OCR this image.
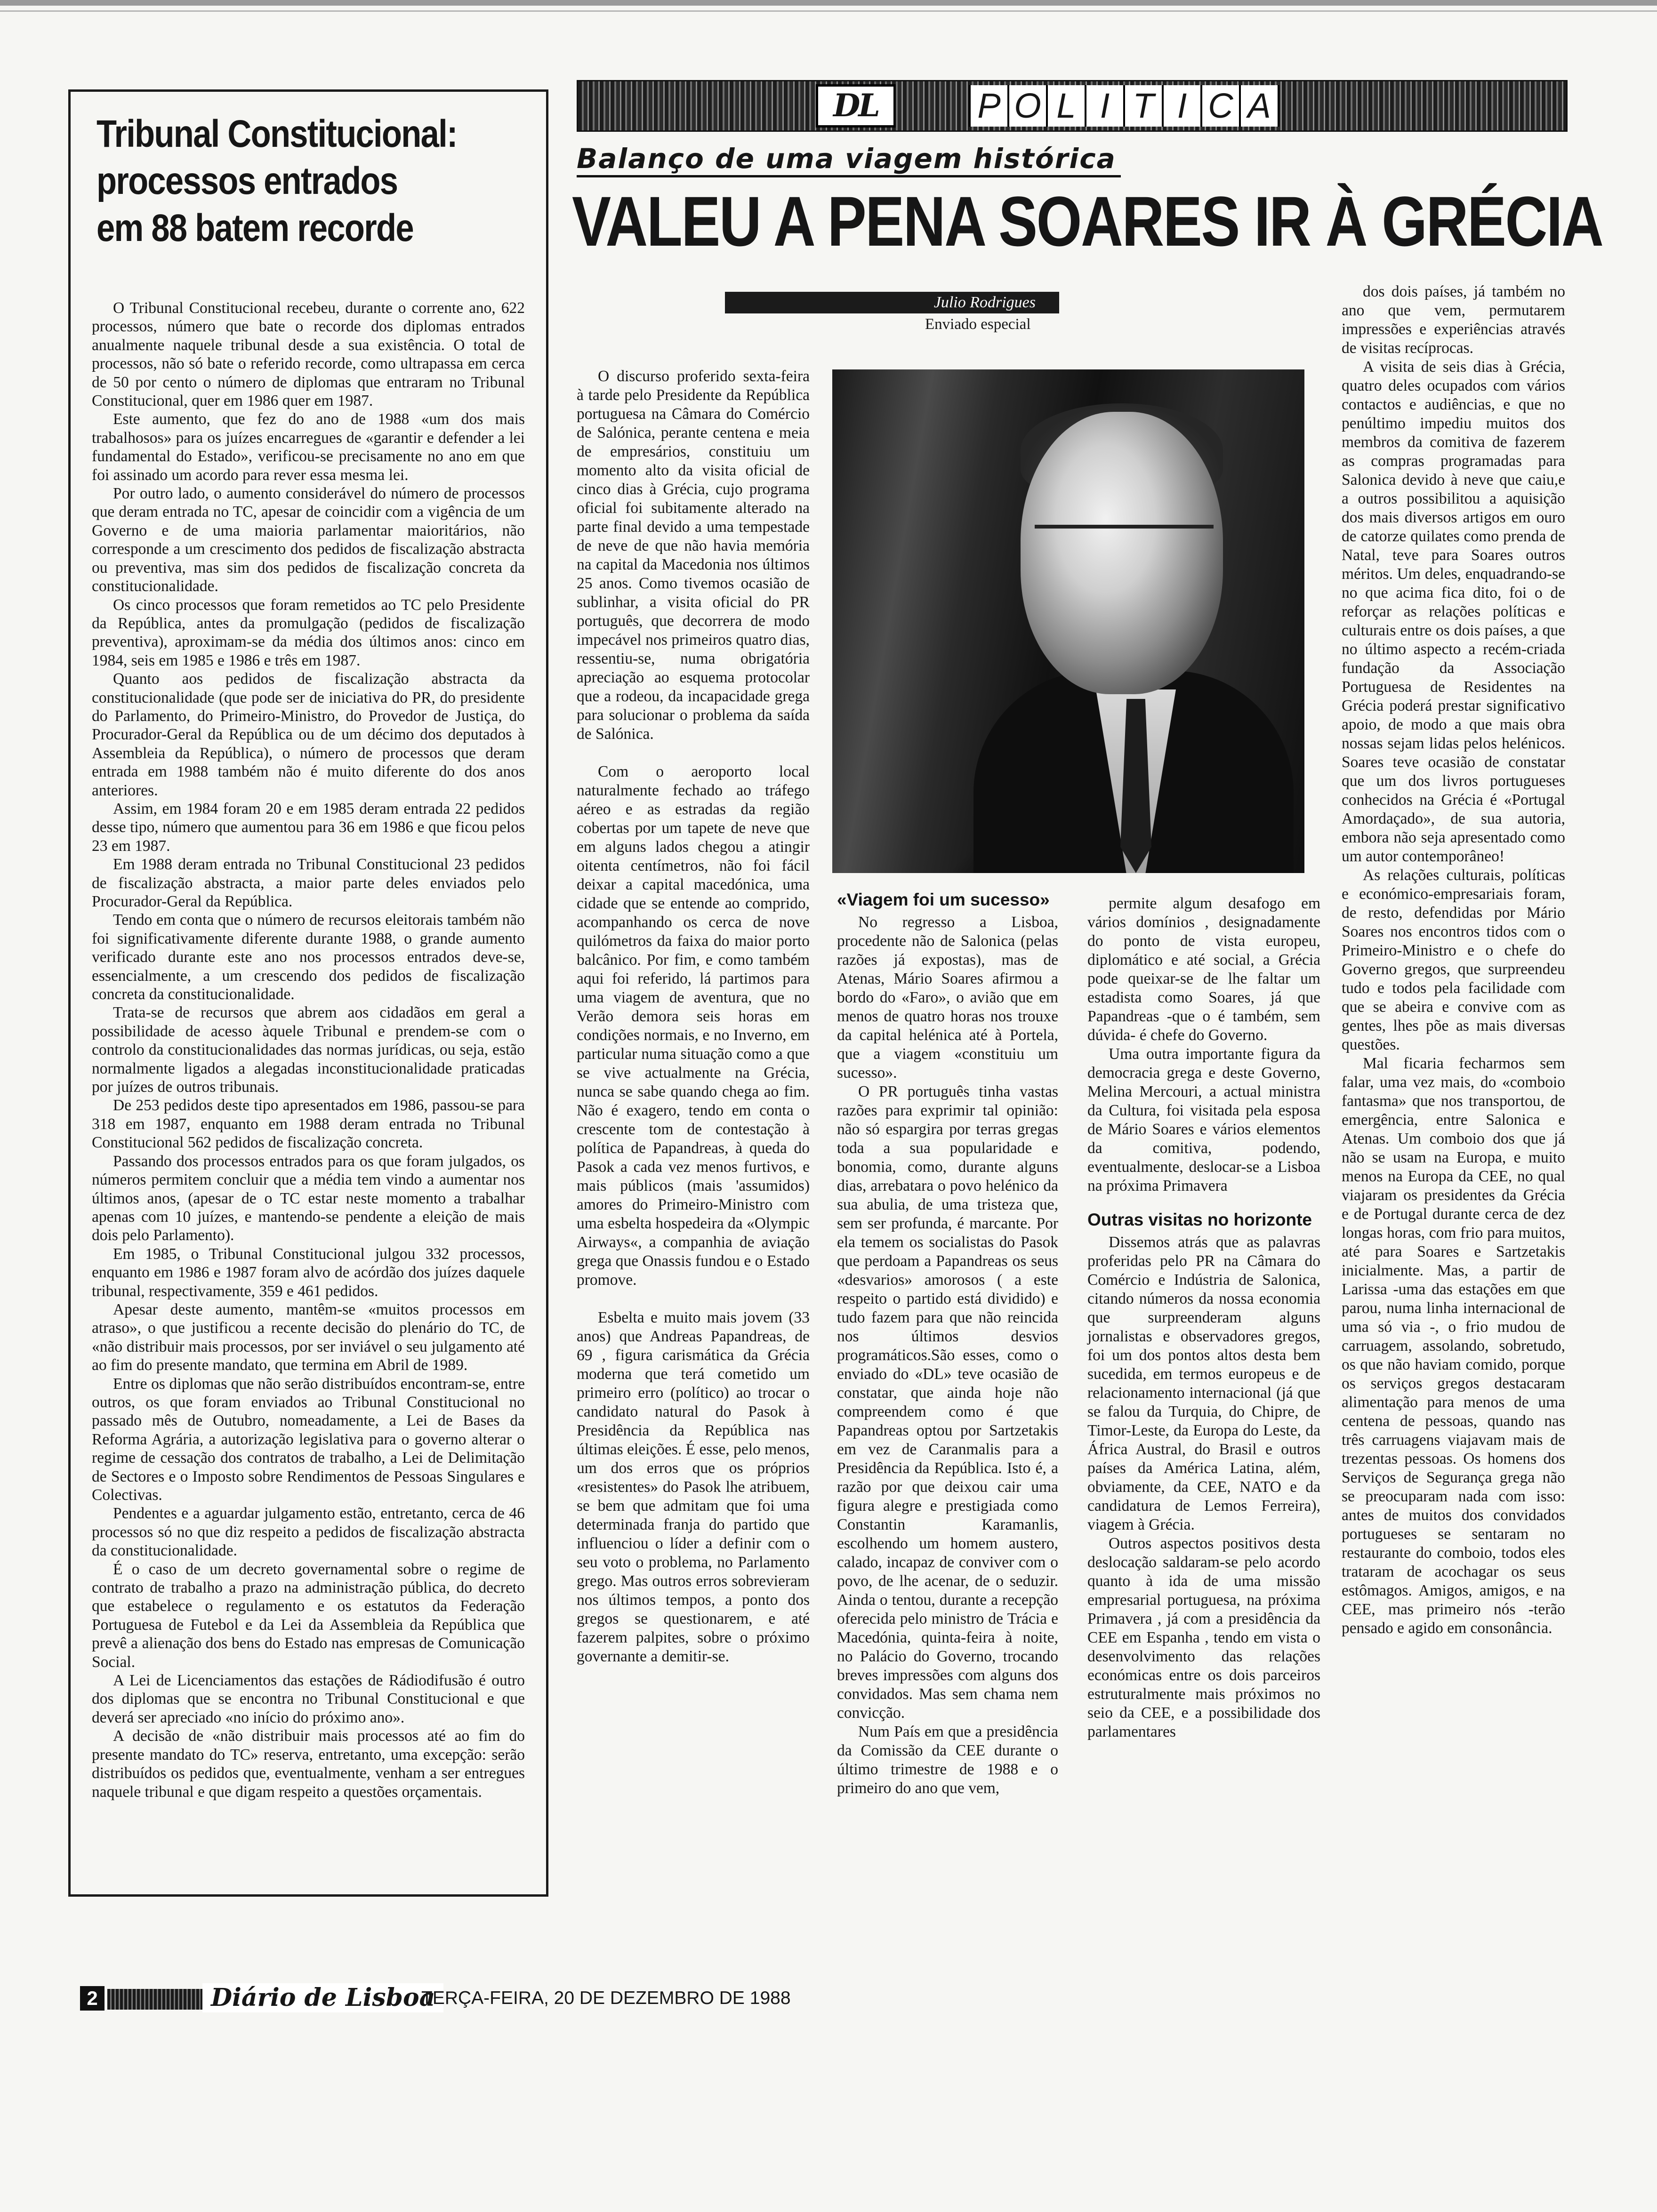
Tribunal Constitucional:
processos entrados
em 88 batem recorde

O Tribunal Constitucional recebeu, durante o corrente ano, 622 processos, número que bate o recorde dos diplomas entrados anualmente naquele tribunal desde a sua existência. O total de processos, não só bate o referido recorde, como ultrapassa em cerca de 50 por cento o número de diplomas que entraram no Tribunal Constitucional, quer em 1986 quer em 1987.

Este aumento, que fez do ano de 1988 «um dos mais trabalhosos» para os juízes encarregues de «garantir e defender a lei fundamental do Estado», verificou-se precisamente no ano em que foi assinado um acordo para rever essa mesma lei.

Por outro lado, o aumento considerável do número de processos que deram entrada no TC, apesar de coincidir com a vigência de um Governo e de uma maioria parlamentar maioritários, não corresponde a um crescimento dos pedidos de fiscalização abstracta ou preventiva, mas sim dos pedidos de fiscalização concreta da constitucionalidade.

Os cinco processos que foram remetidos ao TC pelo Presidente da República, antes da promulgação (pedidos de fiscalização preventiva), aproximam-se da média dos últimos anos: cinco em 1984, seis em 1985 e 1986 e três em 1987.

Quanto aos pedidos de fiscalização abstracta da constitucionalidade (que pode ser de iniciativa do PR, do presidente do Parlamento, do Primeiro-Ministro, do Provedor de Justiça, do Procurador-Geral da República ou de um décimo dos deputados à Assembleia da República), o número de processos que deram entrada em 1988 também não é muito diferente do dos anos anteriores.

Assim, em 1984 foram 20 e em 1985 deram entrada 22 pedidos desse tipo, número que aumentou para 36 em 1986 e que ficou pelos 23 em 1987.

Em 1988 deram entrada no Tribunal Constitucional 23 pedidos de fiscalização abstracta, a maior parte deles enviados pelo Procurador-Geral da República.

Tendo em conta que o número de recursos eleitorais também não foi significativamente diferente durante 1988, o grande aumento verificado durante este ano nos processos entrados deve-se, essencialmente, a um crescendo dos pedidos de fiscalização concreta da constitucionalidade.

Trata-se de recursos que abrem aos cidadãos em geral a possibilidade de acesso àquele Tribunal e prendem-se com o controlo da constitucionalidades das normas jurídicas, ou seja, estão normalmente ligados a alegadas inconstitucionalidade praticadas por juízes de outros tribunais.

De 253 pedidos deste tipo apresentados em 1986, passou-se para 318 em 1987, enquanto em 1988 deram entrada no Tribunal Constitucional 562 pedidos de fiscalização concreta.

Passando dos processos entrados para os que foram julgados, os números permitem concluir que a média tem vindo a aumentar nos últimos anos, (apesar de o TC estar neste momento a trabalhar apenas com 10 juízes, e mantendo-se pendente a eleição de mais dois pelo Parlamento).

Em 1985, o Tribunal Constitucional julgou 332 processos, enquanto em 1986 e 1987 foram alvo de acórdão dos juízes daquele tribunal, respectivamente, 359 e 461 pedidos.

Apesar deste aumento, mantêm-se «muitos processos em atraso», o que justificou a recente decisão do plenário do TC, de «não distribuir mais processos, por ser inviável o seu julgamento até ao fim do presente mandato, que termina em Abril de 1989.

Entre os diplomas que não serão distribuídos encontram-se, entre outros, os que foram enviados ao Tribunal Constitucional no passado mês de Outubro, nomeadamente, a Lei de Bases da Reforma Agrária, a autorização legislativa para o governo alterar o regime de cessação dos contratos de trabalho, a Lei de Delimitação de Sectores e o Imposto sobre Rendimentos de Pessoas Singulares e Colectivas.

Pendentes e a aguardar julgamento estão, entretanto, cerca de 46 processos só no que diz respeito a pedidos de fiscalização abstracta da constitucionalidade.

É o caso de um decreto governamental sobre o regime de contrato de trabalho a prazo na administração pública, do decreto que estabelece o regulamento e os estatutos da Federação Portuguesa de Futebol e da Lei da Assembleia da República que prevê a alienação dos bens do Estado nas empresas de Comunicação Social.

A Lei de Licenciamentos das estações de Rádiodifusão é outro dos diplomas que se encontra no Tribunal Constitucional e que deverá ser apreciado «no início do próximo ano».

A decisão de «não distribuir mais processos até ao fim do presente mandato do TC» reserva, entretanto, uma excepção: serão distribuídos os pedidos que, eventualmente, venham a ser entregues naquele tribunal e que digam respeito a questões orçamentais.

DL	P O L I T I C A
Balanço de uma viagem histórica
VALEU A PENA SOARES IR À GRÉCIA
Julio Rodrigues
Enviado especial

O discurso proferido sexta-feira à tarde pelo Presidente da República portuguesa na Câmara do Comércio de Salónica, perante centena e meia de empresários, constituiu um momento alto da visita oficial de cinco dias à Grécia, cujo programa oficial foi subitamente alterado na parte final devido a uma tempestade de neve de que não havia memória na capital da Macedonia nos últimos 25 anos. Como tivemos ocasião de sublinhar, a visita oficial do PR português, que decorrera de modo impecável nos primeiros quatro dias, ressentiu-se, numa obrigatória apreciação ao esquema protocolar que a rodeou, da incapacidade grega para solucionar o problema da saída de Salónica.

Com o aeroporto local naturalmente fechado ao tráfego aéreo e as estradas da região cobertas por um tapete de neve que em alguns lados chegou a atingir oitenta centímetros, não foi fácil deixar a capital macedónica, uma cidade que se entende ao comprido, acompanhando os cerca de nove quilómetros da faixa do maior porto balcânico. Por fim, e como também aqui foi referido, lá partimos para uma viagem de aventura, que no Verão demora seis horas em condições normais, e no Inverno, em particular numa situação como a que se vive actualmente na Grécia, nunca se sabe quando chega ao fim. Não é exagero, tendo em conta o crescente tom de contestação à política de Papandreas, à queda do Pasok a cada vez menos furtivos, e mais públicos (mais 'assumidos) amores do Primeiro-Ministro com uma esbelta hospedeira da «Olympic Airways«, a companhia de aviação grega que Onassis fundou e o Estado promove.

Esbelta e muito mais jovem (33 anos) que Andreas Papandreas, de 69 , figura carismática da Grécia moderna que terá cometido um primeiro erro (político) ao trocar o candidato natural do Pasok à Presidência da República nas últimas eleições. É esse, pelo menos, um dos erros que os próprios «resistentes» do Pasok lhe atribuem, se bem que admitam que foi uma determinada franja do partido que influenciou o líder a definir com o seu voto o problema, no Parlamento grego. Mas outros erros sobrevieram nos últimos tempos, a ponto dos gregos se questionarem, e até fazerem palpites, sobre o próximo governante a demitir-se.

«Viagem foi um sucesso»

No regresso a Lisboa, procedente não de Salonica (pelas razões já expostas), mas de Atenas, Mário Soares afirmou a bordo do «Faro», o avião que em menos de quatro horas nos trouxe da capital helénica até à Portela, que a viagem «constituiu um sucesso».

O PR português tinha vastas razões para exprimir tal opinião: não só espargira por terras gregas toda a sua popularidade e bonomia, como, durante alguns dias, arrebatara o povo helénico da sua abulia, de uma tristeza que, sem ser profunda, é marcante. Por ela temem os socialistas do Pasok que perdoam a Papandreas os seus «desvarios» amorosos ( a este respeito o partido está dividido) e tudo fazem para que não reincida nos últimos desvios programáticos.São esses, como o enviado do «DL» teve ocasião de constatar, que ainda hoje não compreendem como é que Papandreas optou por Sartzetakis em vez de Caranmalis para a Presidência da República. Isto é, a razão por que deixou cair uma figura alegre e prestigiada como Constantin Karamanlis, escolhendo um homem austero, calado, incapaz de conviver com o povo, de lhe acenar, de o seduzir. Ainda o tentou, durante a recepção oferecida pelo ministro de Trácia e Macedónia, quinta-feira à noite, no Palácio do Governo, trocando breves impressões com alguns dos convidados. Mas sem chama nem convicção.

Num País em que a presidência da Comissão da CEE durante o último trimestre de 1988 e o primeiro do ano que vem,

permite algum desafogo em vários domínios , designadamente do ponto de vista europeu, diplomático e até social, a Grécia pode queixar-se de lhe faltar um estadista como Soares, já que Papandreas -que o é também, sem dúvida- é chefe do Governo.

Uma outra importante figura da democracia grega e deste Governo, Melina Mercouri, a actual ministra da Cultura, foi visitada pela esposa de Mário Soares e vários elementos da comitiva, podendo, eventualmente, deslocar-se a Lisboa na próxima Primavera

Outras visitas no horizonte

Dissemos atrás que as palavras proferidas pelo PR na Câmara do Comércio e Indústria de Salonica, citando números da nossa economia que surpreenderam alguns jornalistas e observadores gregos, foi um dos pontos altos desta bem sucedida, em termos europeus e de relacionamento internacional (já que se falou da Turquia, do Chipre, de Timor-Leste, da Europa do Leste, da África Austral, do Brasil e outros países da América Latina, além, obviamente, da CEE, NATO e da candidatura de Lemos Ferreira), viagem à Grécia.

Outros aspectos positivos desta deslocação saldaram-se pelo acordo quanto à ida de uma missão empresarial portuguesa, na próxima Primavera , já com a presidência da CEE em Espanha , tendo em vista o desenvolvimento das relações económicas entre os dois parceiros estruturalmente mais próximos no seio da CEE, e a possibilidade dos parlamentares

dos dois países, já também no ano que vem, permutarem impressões e experiências através de visitas recíprocas.

A visita de seis dias à Grécia, quatro deles ocupados com vários contactos e audiências, e que no penúltimo impediu muitos dos membros da comitiva de fazerem as compras programadas para Salonica devido à neve que caiu,e a outros possibilitou a aquisição dos mais diversos artigos em ouro de catorze quilates como prenda de Natal, teve para Soares outros méritos. Um deles, enquadrando-se no que acima fica dito, foi o de reforçar as relações políticas e culturais entre os dois países, a que no último aspecto a recém-criada fundação da Associação Portuguesa de Residentes na Grécia poderá prestar significativo apoio, de modo a que mais obra nossas sejam lidas pelos helénicos. Soares teve ocasião de constatar que um dos livros portugueses conhecidos na Grécia é «Portugal Amordaçado», de sua autoria, embora não seja apresentado como um autor contemporâneo!

As relações culturais, políticas e económico-empresariais foram, de resto, defendidas por Mário Soares nos encontros tidos com o Primeiro-Ministro e o chefe do Governo gregos, que surpreendeu tudo e todos pela facilidade com que se abeira e convive com as gentes, lhes põe as mais diversas questões.

Mal ficaria fecharmos sem falar, uma vez mais, do «comboio fantasma» que nos transportou, de emergência, entre Salonica e Atenas. Um comboio dos que já não se usam na Europa, e muito menos na Europa da CEE, no qual viajaram os presidentes da Grécia e de Portugal durante cerca de dez longas horas, com frio para muitos, até para Soares e Sartzetakis inicialmente. Mas, a partir de Larissa -uma das estações em que parou, numa linha internacional de uma só via -, o frio mudou de carruagem, assolando, sobretudo, os que não haviam comido, porque os serviços gregos destacaram alimentação para menos de uma centena de pessoas, quando nas três carruagens viajavam mais de trezentas pessoas. Os homens dos Serviços de Segurança grega não se preocuparam nada com isso: antes de muitos dos convidados portugueses se sentaram no restaurante do comboio, todos eles trataram de acochagar os seus estômagos. Amigos, amigos, e na CEE, mas primeiro nós -terão pensado e agido em consonância.

2	Diário de Lisboa
TERÇA-FEIRA, 20 DE DEZEMBRO DE 1988
